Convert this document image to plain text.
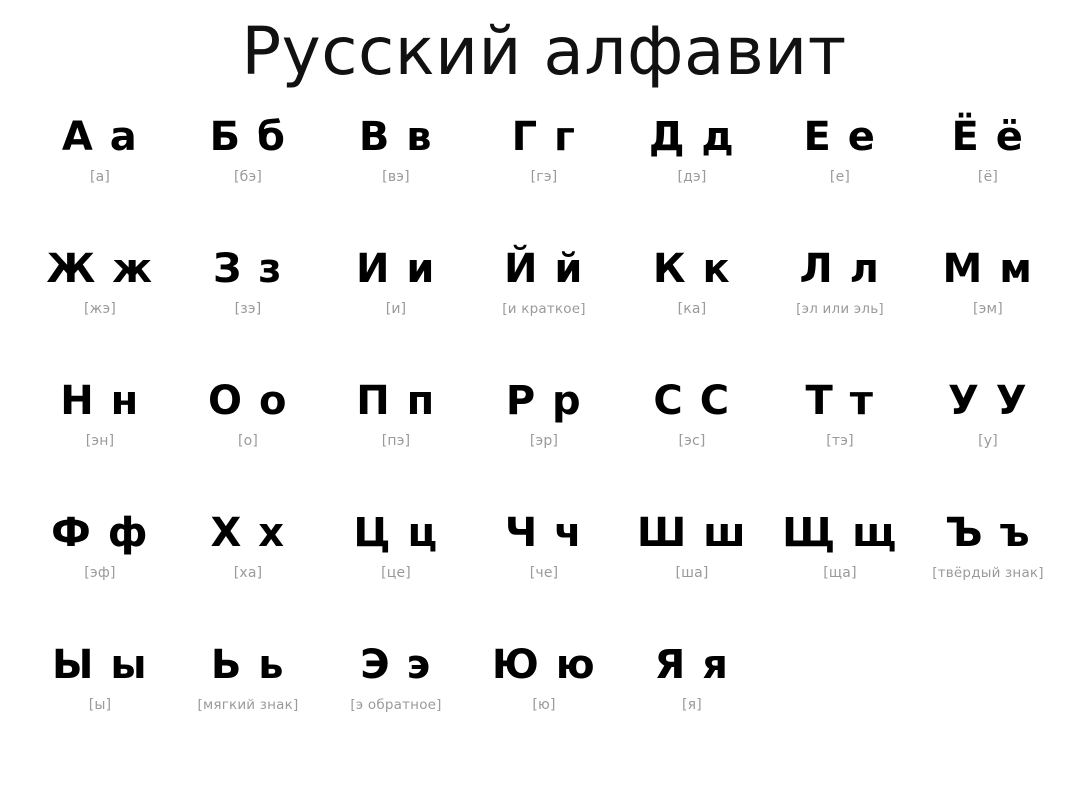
Русский алфавит
А а
[а]
Б б
[бэ]
В в
[вэ]
Г г
[гэ]
Д д
[дэ]
Е е
[е]
Ё ё
[ё]
Ж ж
[жэ]
З з
[зэ]
И и
[и]
Й й
[и краткое]
К к
[ка]
Л л
[эл или эль]
М м
[эм]
Н н
[эн]
О о
[о]
П п
[пэ]
Р р
[эр]
С С
[эс]
Т т
[тэ]
У У
[у]
Ф ф
[эф]
Х х
[ха]
Ц ц
[це]
Ч ч
[че]
Ш ш
[ша]
Щ щ
[ща]
Ъ ъ
[твёрдый знак]
Ы ы
[ы]
Ь ь
[мягкий знак]
Э э
[э обратное]
Ю ю
[ю]
Я я
[я]
